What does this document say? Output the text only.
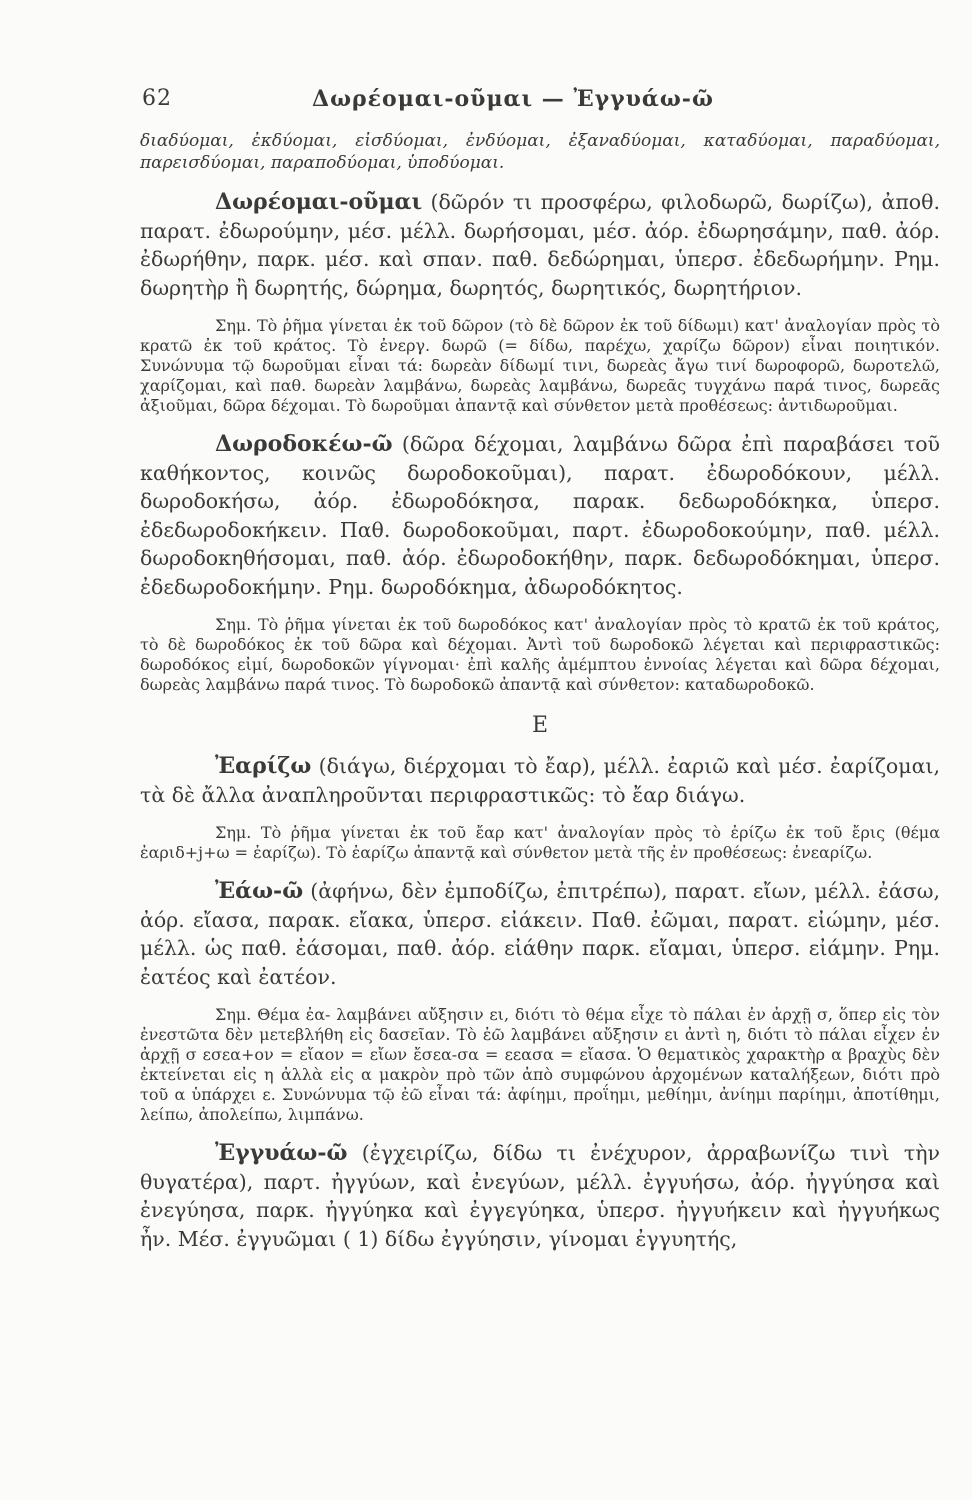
62	Δωρέομαι-οῦμαι — Ἐγγυάω-ῶ

διαδύομαι, ἐκδύομαι, εἰσδύομαι, ἐνδύομαι, ἐξαναδύομαι, καταδύομαι, παραδύομαι, παρεισδύομαι, παραποδύομαι, ὑποδύομαι.

Δωρέομαι-οῦμαι (δῶρόν τι προσφέρω, φιλοδωρῶ, δωρίζω), ἀποθ. παρατ. ἐδωρούμην, μέσ. μέλλ. δωρήσομαι, μέσ. ἀόρ. ἐδωρησάμην, παθ. ἀόρ. ἐδωρήθην, παρκ. μέσ. καὶ σπαν. παθ. δεδώρημαι, ὑπερσ. ἐδεδωρήμην. Ρημ. δωρητὴρ ἢ δωρητής, δώρημα, δωρητός, δωρητικός, δωρητήριον.

Σημ. Τὸ ῥῆμα γίνεται ἐκ τοῦ δῶρον (τὸ δὲ δῶρον ἐκ τοῦ δίδωμι) κατ' ἀναλογίαν πρὸς τὸ κρατῶ ἐκ τοῦ κράτος. Τὸ ἐνεργ. δωρῶ (= δίδω, παρέχω, χαρίζω δῶρον) εἶναι ποιητικόν. Συνώνυμα τῷ δωροῦμαι εἶναι τά: δωρεὰν δίδωμί τινι, δωρεὰς ἄγω τινί δωροφορῶ, δωροτελῶ, χαρίζομαι, καὶ παθ. δωρεὰν λαμβάνω, δωρεὰς λαμβάνω, δωρεᾶς τυγχάνω παρά τινος, δωρεᾶς ἀξιοῦμαι, δῶρα δέχομαι. Τὸ δωροῦμαι ἀπαντᾷ καὶ σύνθετον μετὰ προθέσεως: ἀντιδωροῦμαι.

Δωροδοκέω-ῶ (δῶρα δέχομαι, λαμβάνω δῶρα ἐπὶ παραβάσει τοῦ καθήκοντος, κοινῶς δωροδοκοῦμαι), παρατ. ἐδωροδόκουν, μέλλ. δωροδοκήσω, ἀόρ. ἐδωροδόκησα, παρακ. δεδωροδόκηκα, ὑπερσ. ἐδεδωροδοκήκειν. Παθ. δωροδοκοῦμαι, παρτ. ἐδωροδοκούμην, παθ. μέλλ. δωροδοκηθήσομαι, παθ. ἀόρ. ἐδωροδοκήθην, παρκ. δεδωροδόκημαι, ὑπερσ. ἐδεδωροδοκήμην. Ρημ. δωροδόκημα, ἀδωροδόκητος.

Σημ. Τὸ ῥῆμα γίνεται ἐκ τοῦ δωροδόκος κατ' ἀναλογίαν πρὸς τὸ κρατῶ ἐκ τοῦ κράτος, τὸ δὲ δωροδόκος ἐκ τοῦ δῶρα καὶ δέχομαι. Ἀντὶ τοῦ δωροδοκῶ λέγεται καὶ περιφραστικῶς: δωροδόκος εἰμί, δωροδοκῶν γίγνομαι· ἐπὶ καλῆς ἀμέμπτου ἐννοίας λέγεται καὶ δῶρα δέχομαι, δωρεὰς λαμβάνω παρά τινος. Τὸ δωροδοκῶ ἀπαντᾷ καὶ σύνθετον: καταδωροδοκῶ.

Ε

Ἐαρίζω (διάγω, διέρχομαι τὸ ἔαρ), μέλλ. ἐαριῶ καὶ μέσ. ἐαρίζομαι, τὰ δὲ ἄλλα ἀναπληροῦνται περιφραστικῶς: τὸ ἔαρ διάγω.

Σημ. Τὸ ῥῆμα γίνεται ἐκ τοῦ ἔαρ κατ' ἀναλογίαν πρὸς τὸ ἐρίζω ἐκ τοῦ ἔρις (θέμα ἐαριδ+j+ω = ἐαρίζω). Τὸ ἐαρίζω ἀπαντᾷ καὶ σύνθετον μετὰ τῆς ἐν προθέσεως: ἐνεαρίζω.

Ἐάω-ῶ (ἀφήνω, δὲν ἐμποδίζω, ἐπιτρέπω), παρατ. εἴων, μέλλ. ἐάσω, ἀόρ. εἴασα, παρακ. εἴακα, ὑπερσ. εἰάκειν. Παθ. ἐῶμαι, παρατ. εἰώμην, μέσ. μέλλ. ὡς παθ. ἐάσομαι, παθ. ἀόρ. εἰάθην παρκ. εἴαμαι, ὑπερσ. εἰάμην. Ρημ. ἐατέος καὶ ἐατέον.

Σημ. Θέμα ἐα- λαμβάνει αὔξησιν ει, διότι τὸ θέμα εἶχε τὸ πάλαι ἐν ἀρχῇ σ, ὅπερ εἰς τὸν ἐνεστῶτα δὲν μετεβλήθη εἰς δασεῖαν. Τὸ ἐῶ λαμβάνει αὔξησιν ει ἀντὶ η, διότι τὸ πάλαι εἶχεν ἐν ἀρχῇ σ εσεα+ον = εἴαον = εἴων ἔσεα-σα = εεασα = εἴασα. Ὁ θεματικὸς χαρακτὴρ α βραχὺς δὲν ἐκτείνεται εἰς η ἀλλὰ εἰς α μακρὸν πρὸ τῶν ἀπὸ συμφώνου ἀρχομένων καταλήξεων, διότι πρὸ τοῦ α ὑπάρχει ε. Συνώνυμα τῷ ἐῶ εἶναι τά: ἀφίημι, προΐημι, μεθίημι, ἀνίημι παρίημι, ἀποτίθημι, λείπω, ἀπολείπω, λιμπάνω.

Ἐγγυάω-ῶ (ἐγχειρίζω, δίδω τι ἐνέχυρον, ἀρραβωνίζω τινὶ τὴν θυγατέρα), παρτ. ἠγγύων, καὶ ἐνεγύων, μέλλ. ἐγγυήσω, ἀόρ. ἠγγύησα καὶ ἐνεγύησα, παρκ. ἠγγύηκα καὶ ἐγγεγύηκα, ὑπερσ. ἠγγυήκειν καὶ ἠγγυήκως ἦν. Μέσ. ἐγγυῶμαι ( 1) δίδω ἐγγύησιν, γίνομαι ἐγγυητής,
